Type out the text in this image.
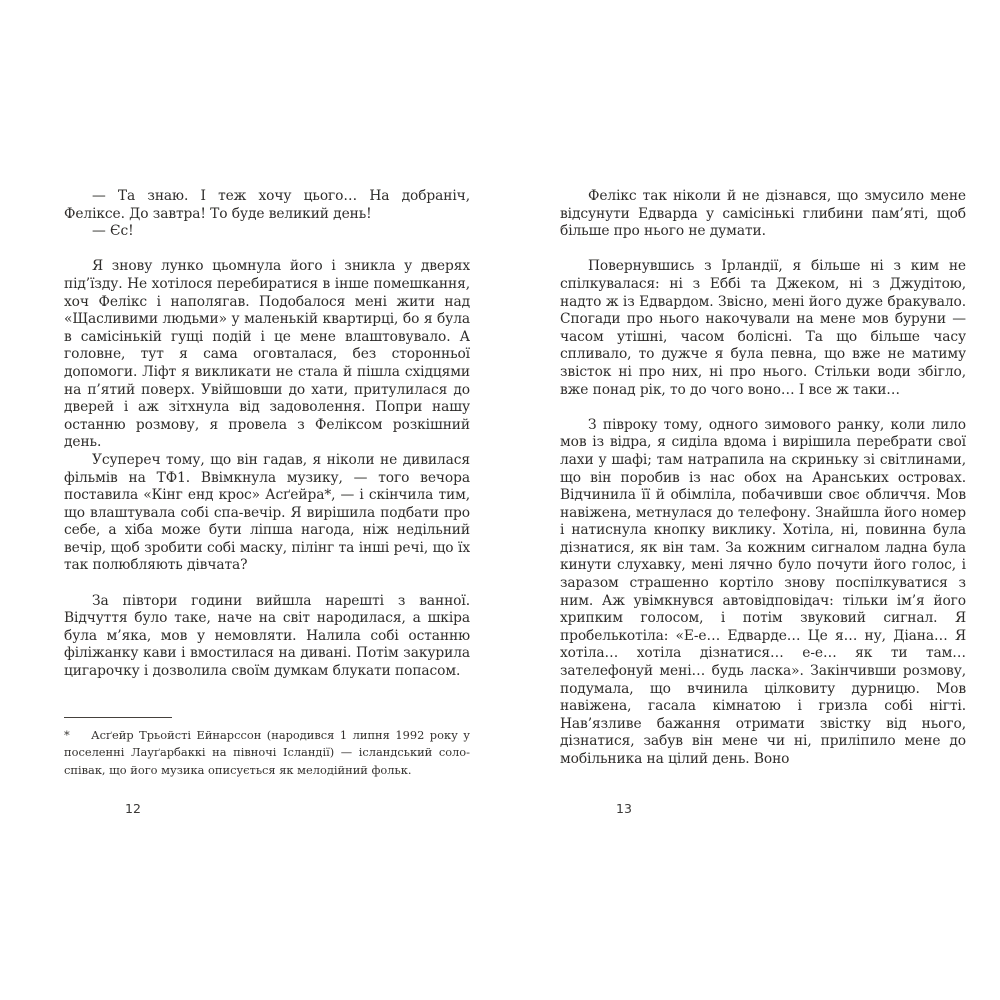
— Та знаю. І теж хочу цього… На добраніч, Феліксе. До завтра! То буде великий день!

— Єс!

Я знову лунко цьомнула його і зникла у дверях під’їзду. Не хотілося перебиратися в інше помешкання, хоч Фелікс і наполягав. Подобалося мені жити над «Щасливими людьми» у маленькій квартирці, бо я була в самісінькій гущі подій і це мене влаштовувало. А головне, тут я сама оговталася, без сторонньої допомоги. Ліфт я викликати не стала й пішла східцями на п’ятий поверх. Увійшовши до хати, притулилася до дверей і аж зітхнула від задоволення. Попри нашу останню розмову, я провела з Феліксом розкішний день.

Усупереч тому, що він гадав, я ніколи не дивилася фільмів на ТФ1. Ввімкнула музику, — того вечора поставила «Кінг енд крос» Асґейра*, — і скінчила тим, що влаштувала собі спа-вечір. Я вирішила подбати про себе, а хіба може бути ліпша нагода, ніж недільний вечір, щоб зробити собі маску, пілінг та інші речі, що їх так полюбляють дівчата?

За півтори години вийшла нарешті з ванної. Відчуття було таке, наче на світ народилася, а шкіра була м’яка, мов у немовляти. Налила собі останню філіжанку кави і вмостилася на дивані. Потім закурила цигарочку і дозволила своїм думкам блукати попасом.

* Асґейр Трьойсті Ейнарссон (народився 1 липня 1992 року у поселенні Лауґарбаккі на півночі Ісландії) — ісландський соло-співак, що його музика описується як мелодійний фольк.
12

Фелікс так ніколи й не дізнався, що змусило мене відсунути Едварда у самісінькі глибини пам’яті, щоб більше про нього не думати.

Повернувшись з Ірландії, я більше ні з ким не спілкувалася: ні з Еббі та Джеком, ні з Джудітою, надто ж із Едвардом. Звісно, мені його дуже бракувало. Спогади про нього накочували на мене мов буруни — часом утішні, часом болісні. Та що більше часу спливало, то дужче я була певна, що вже не матиму звісток ні про них, ні про нього. Стільки води збігло, вже понад рік, то до чого воно… І все ж таки…

З півроку тому, одного зимового ранку, коли лило мов із відра, я сиділа вдома і вирішила перебрати свої лахи у шафі; там натрапила на скриньку зі світлинами, що він поробив із нас обох на Аранських островах. Відчинила її й обімліла, побачивши своє обличчя. Мов навіжена, метнулася до телефону. Знайшла його номер і натиснула кнопку виклику. Хотіла, ні, повинна була дізнатися, як він там. За кожним сигналом ладна була кинути слухавку, мені лячно було почути його голос, і заразом страшенно кортіло знову поспілкуватися з ним. Аж увімкнувся автовідповідач: тільки ім’я його хрипким голосом, і потім звуковий сигнал. Я пробелькотіла: «Е-е… Едварде… Це я… ну, Діана… Я хотіла… хотіла дізнатися… е-е… як ти там… зателефонуй мені… будь ласка». Закінчивши розмову, подумала, що вчинила цілковиту дурницю. Мов навіжена, гасала кімнатою і гризла собі нігті. Нав’язливе бажання отримати звістку від нього, дізнатися, забув він мене чи ні, приліпило мене до мобільника на цілий день. Воно

13
